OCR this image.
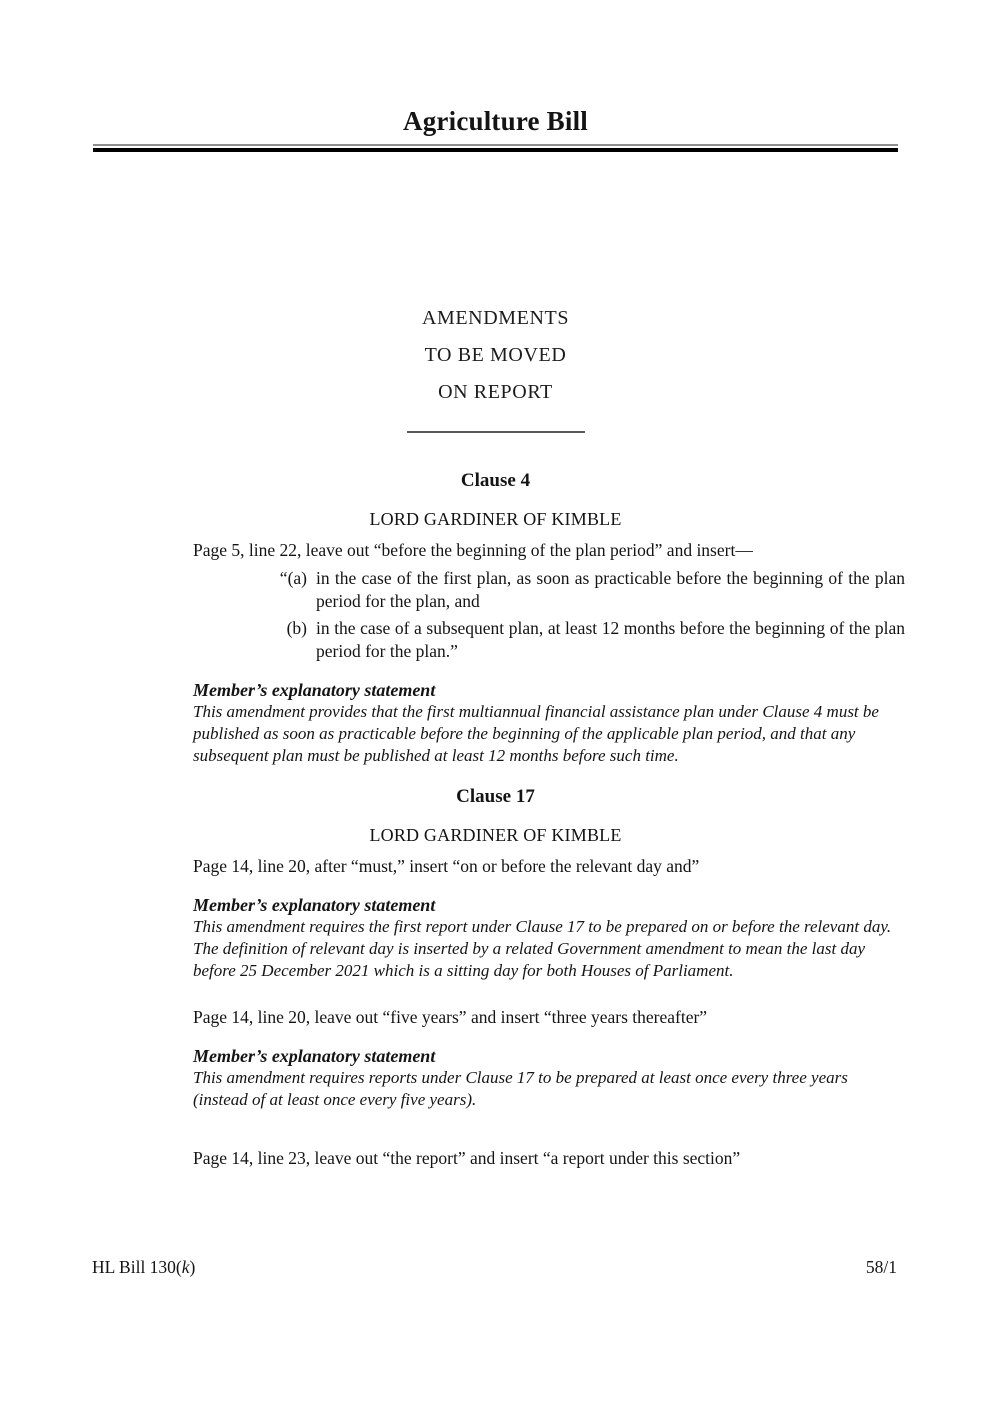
Agriculture Bill
AMENDMENTS
TO BE MOVED
ON REPORT
Clause 4
LORD GARDINER OF KIMBLE

Page 5, line 22, leave out “before the beginning of the plan period” and insert—

“(a) in the case of the first plan, as soon as practicable before the beginning of the plan period for the plan, and
(b) in the case of a subsequent plan, at least 12 months before the beginning of the plan period for the plan.”
Member’s explanatory statement

This amendment provides that the first multiannual financial assistance plan under Clause 4 must be published as soon as practicable before the beginning of the applicable plan period, and that any subsequent plan must be published at least 12 months before such time.

Clause 17
LORD GARDINER OF KIMBLE

Page 14, line 20, after “must,” insert “on or before the relevant day and”

Member’s explanatory statement

This amendment requires the first report under Clause 17 to be prepared on or before the relevant day. The definition of relevant day is inserted by a related Government amendment to mean the last day before 25 December 2021 which is a sitting day for both Houses of Parliament.

Page 14, line 20, leave out “five years” and insert “three years thereafter”

Member’s explanatory statement

This amendment requires reports under Clause 17 to be prepared at least once every three years (instead of at least once every five years).

Page 14, line 23, leave out “the report” and insert “a report under this section”

HL Bill 130(k)	58/1
